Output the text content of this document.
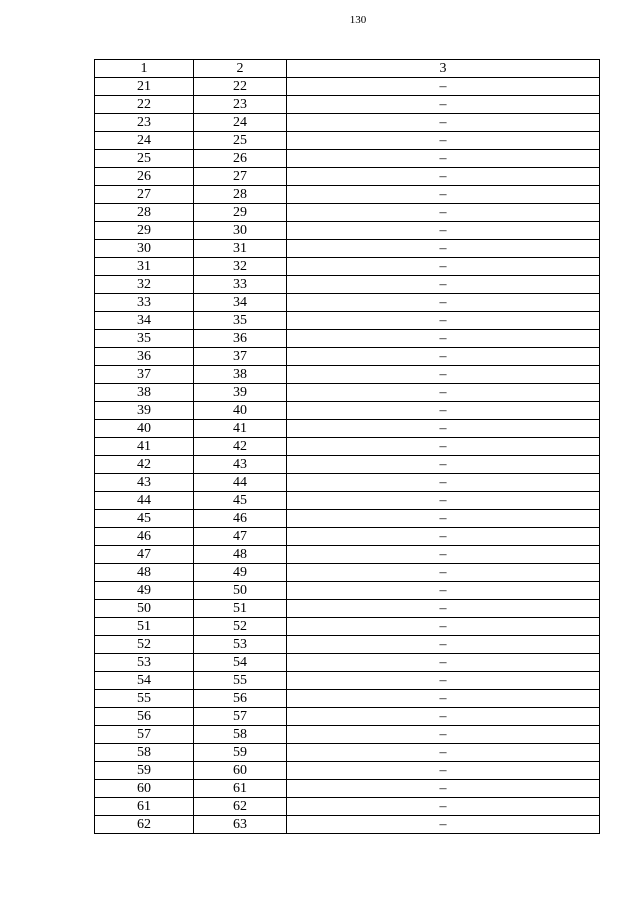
130
1	2	3
21	22	–
22	23	–
23	24	–
24	25	–
25	26	–
26	27	–
27	28	–
28	29	–
29	30	–
30	31	–
31	32	–
32	33	–
33	34	–
34	35	–
35	36	–
36	37	–
37	38	–
38	39	–
39	40	–
40	41	–
41	42	–
42	43	–
43	44	–
44	45	–
45	46	–
46	47	–
47	48	–
48	49	–
49	50	–
50	51	–
51	52	–
52	53	–
53	54	–
54	55	–
55	56	–
56	57	–
57	58	–
58	59	–
59	60	–
60	61	–
61	62	–
62	63	–
